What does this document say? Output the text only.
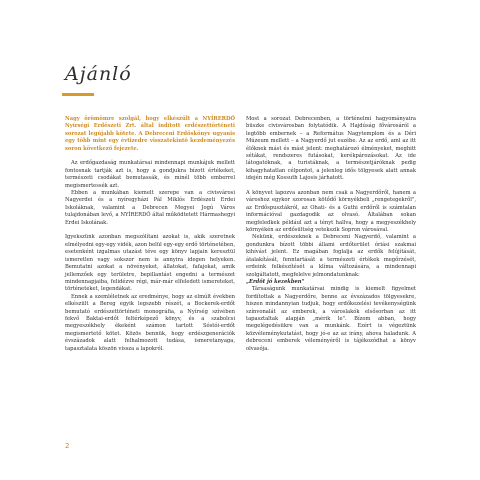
Ajánló

Nagy örömömre szolgál, hogy elkészült a NYÍRERDŐ Nyírségi Erdészeti Zrt. által indított erdészettörténeti sorozat legújabb kötete. A Debreceni Erdőskönyv ugyanis egy több mint egy évtizedre visszatekintő kezdeményezés soron következő fejezete.

Az erdőgazdaság munkatársai mindennapi munkájuk mellett fontosnak tartják azt is, hogy a gondjukra bízott értékeket, természeti csodákat bemutassák, és minél több emberrel megismertessék azt.

Ebben a munkában kiemelt szerepe van a civisvárosi Nagyerdei és a nyíregyházi Pál Miklós Erdészeti Erdei Iskoláknak, valamint a Debrecen Megyei Jogú Város tulajdonában levő, a NYÍRERDŐ által működtetett Hármashegyi Erdei Iskolának.

Igyekszünk azonban megszólítani azokat is, akik szeretnek elmélyedni egy-egy vidék, azon belül egy-egy erdő történetében, esetenként izgalmas utazást téve egy könyv lapjain keresztül ismeretlen vagy sokszor nem is annyira idegen helyeken. Bemutatni azokat a növényeket, állatokat, fafajokat, amik jellemzőek egy területre, bepillantást engedni a természet mindennapjaiba, felidézve régi, már-már elfeledett ismereteket, történeteket, legendákat.

Ennek a szemléletnek az eredménye, hogy az elmúlt években elkészült a Bereg egyik legszebb részét, a Bockerek-erdőt bemutató erdészettörténeti monográfia, a Nyírség szívében fekvő Baktai-erdőt feltérképező könyv, és a szabolcsi megyeszékhely ékeként számon tartott Sóstói-erdőt megismertető kötet. Közös bennük, hogy erdészgenerációk évszázadok alatt felhalmozott tudása, ismeretanyaga, tapasztalata köszön vissza a lapokról.

Most a sorozat Debrecenben, a történelmi hagyományaira büszke civisvárosban folytatódik. A Hajdúság fővárosáról a legtöbb embernek – a Református Nagytemplom és a Déri Múzeum mellett – a Nagyerdő jut eszébe. Az az erdő, aml az itt élőknek mást és mást jelent: meghatározó élményeket, meghitt sétákat, rendszeres futásokat, kerékpározásokat. Az ide látogatóknak, a turistáknak, a természetjáróknak pedig kihagyhatatlan célpontot, a jelenleg idős tölgyesek alatt annak idején még Kossuth Lajosis járhatott.

A könyvet lapozva azonban nem csak a Nagyerdőről, hanem a városhoz egykor szorosan kötődő környékbeli „rengetegekről", az Erdőspusztákról, az Ohati- és a Guthi erdőről is számtalan információval gazdagodik az olvasó. Általában sokan megfeledkek például azt a tényt hallva, hogy a megyeszékhely környékén az erdősültség vetekszik Sopron városával.

Nekünk, erdészeknek a Debreceni Nagyerdő, valamint a gondunkra bízott többi állami erdőterület óriási szakmai kihívást jelent. Ez magában foglalja az erdők felújítását, átalakítását, fenntartását a természeti értékek megőrzését, erdeink felkészítését a klíma változására, a mindennapi szolgáltatott, megfelelve jelmondatunknak:

„Erdőt jó kezekben"

Társaságunk munkatársai mindig is kiemelt figyelmet fordítottak a Nagyerdőre, benne az évszázados tölgyesekre, hiszen mindannyian tudjuk, hogy erdőkezelési tevékenységünk színvonalát az emberek, a városlakók elsősorban az itt tapasztaltak alapján „mérik le". Bízom abban, hogy megelégedésükre van a munkánk. Ezért is végeztünk közvéleménykutatást, hogy jó-e az az irány, ahova haladunk. A debreceni emberek véleményéről is tájékozódhat a könyv olvasója.

2
